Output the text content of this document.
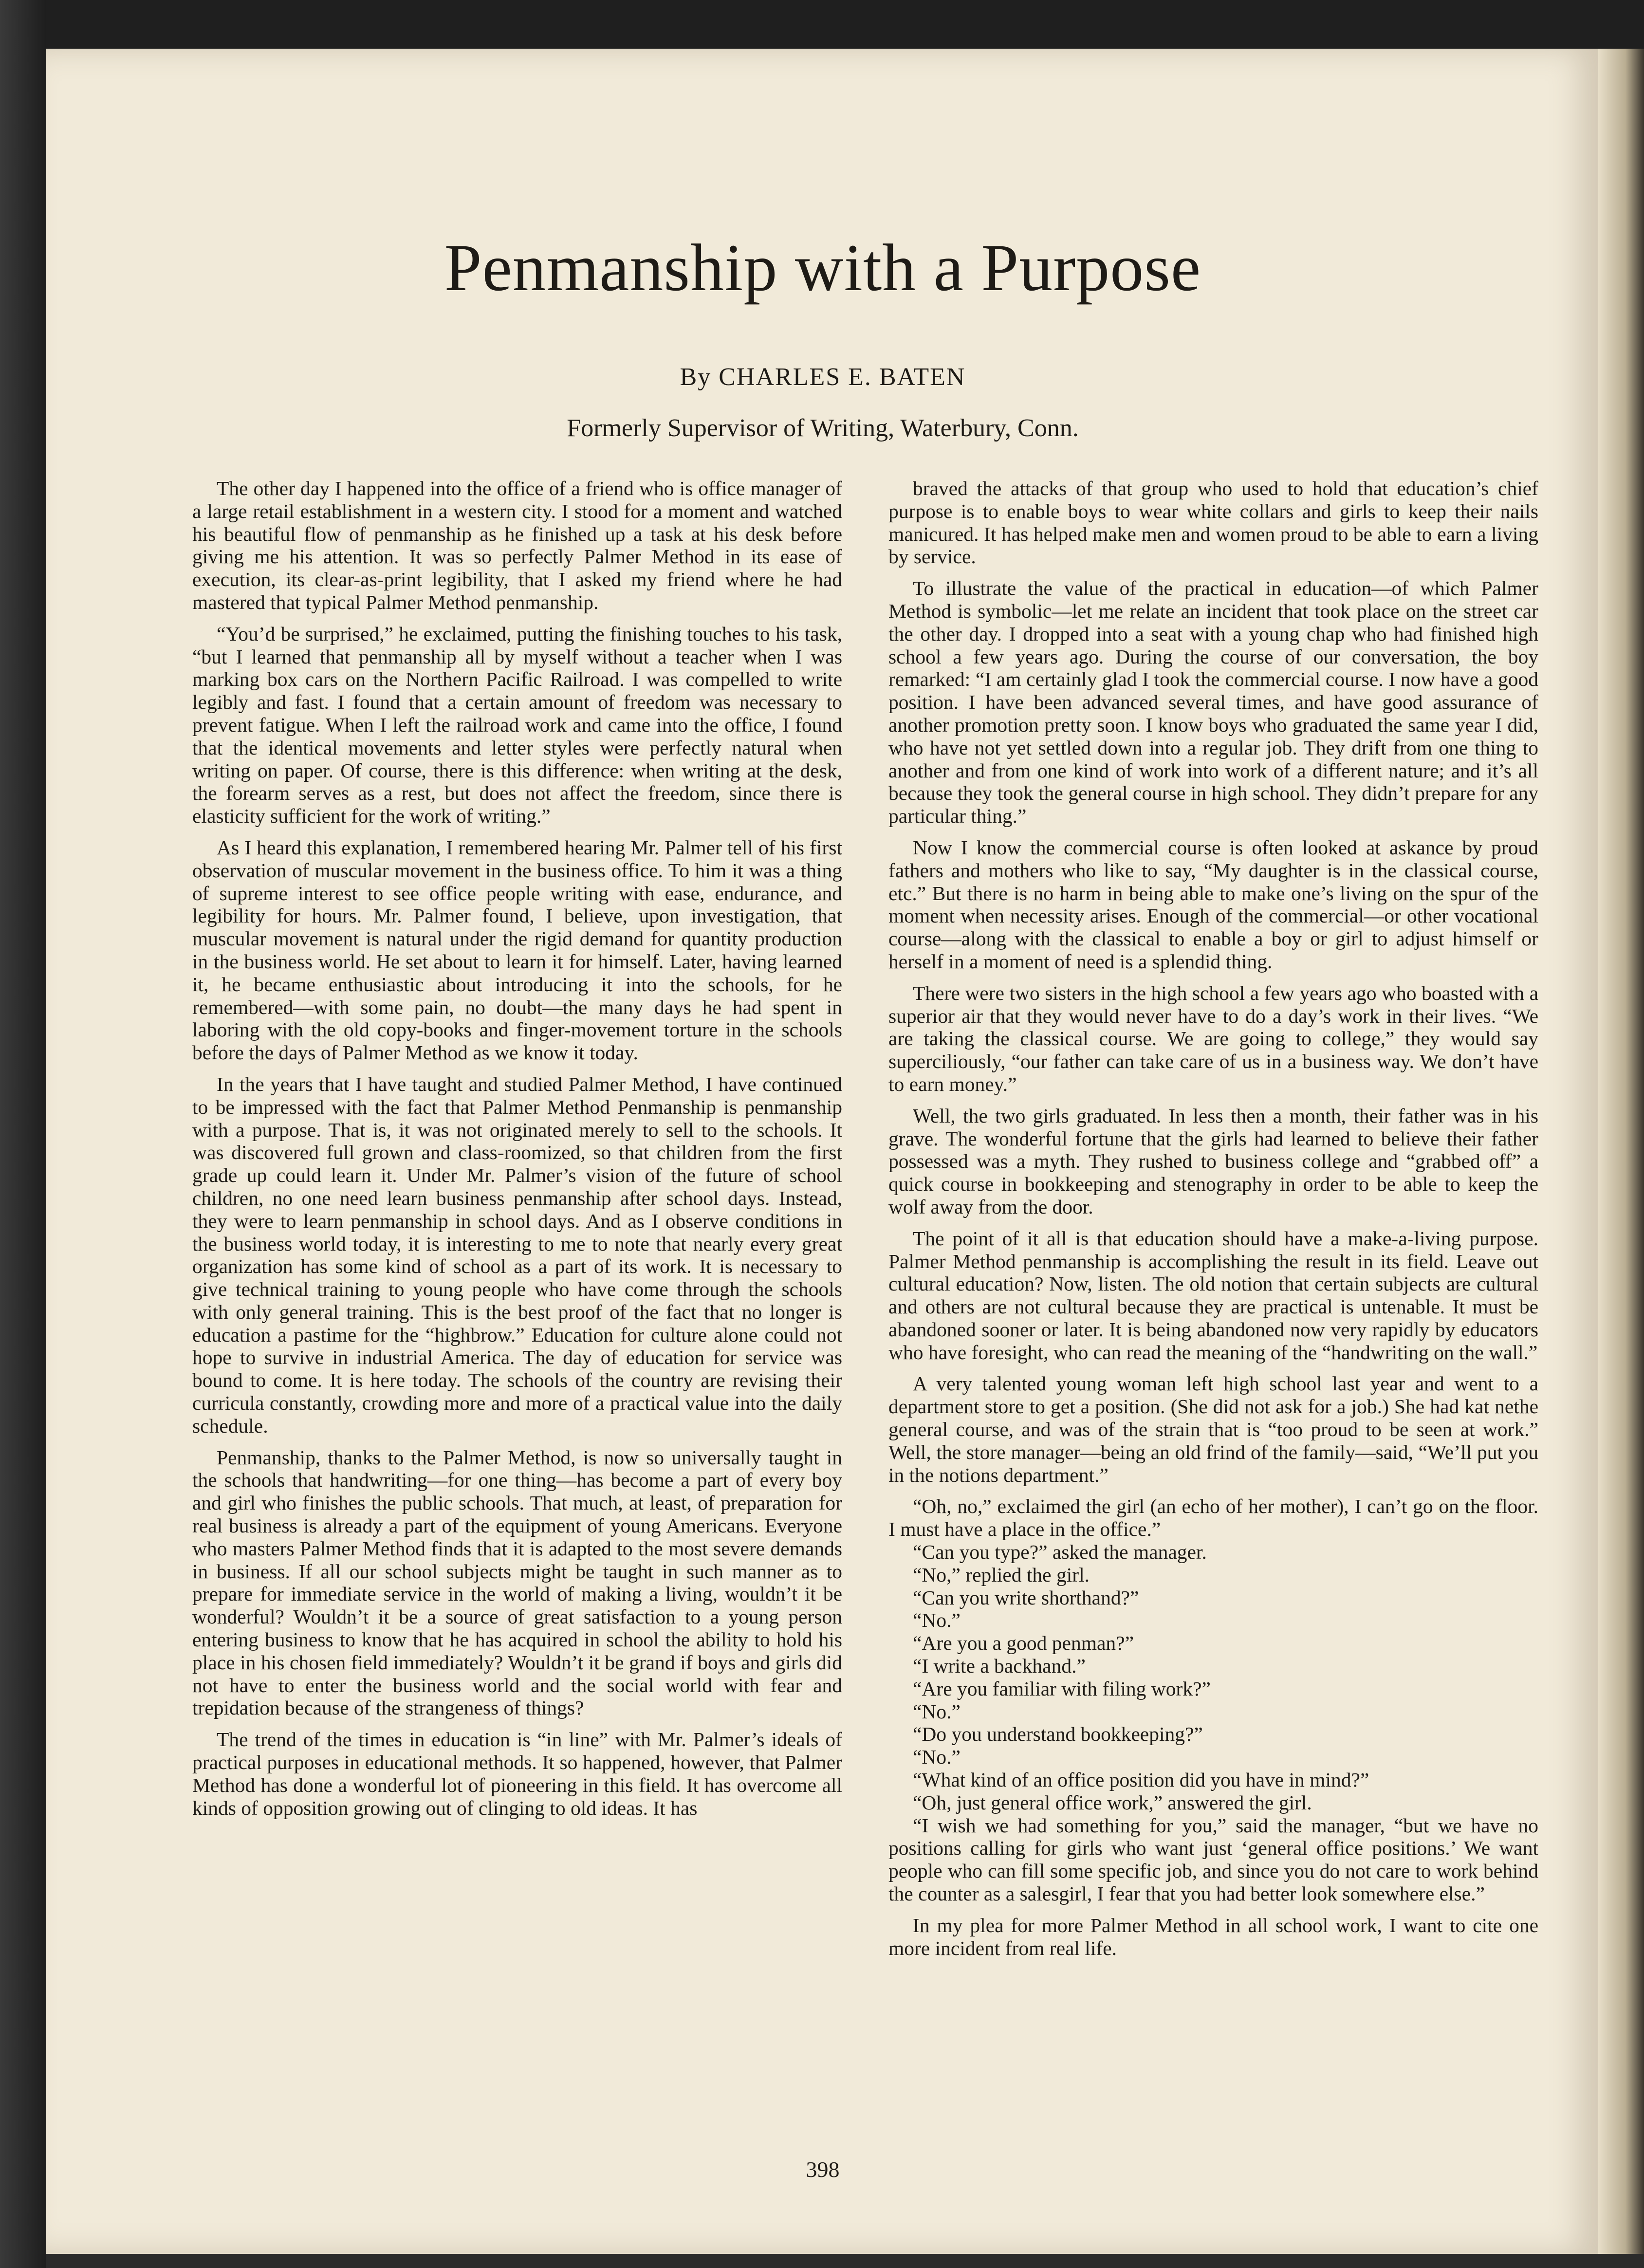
Penmanship with a Purpose
By CHARLES E. BATEN
Formerly Supervisor of Writing, Waterbury, Conn.

The other day I happened into the office of a friend who is office manager of a large retail establishment in a western city. I stood for a moment and watched his beautiful flow of penmanship as he finished up a task at his desk before giving me his attention. It was so perfectly Palmer Method in its ease of execution, its clear-as-print legibility, that I asked my friend where he had mastered that typical Palmer Method penmanship.

“You’d be surprised,” he exclaimed, putting the finishing touches to his task, “but I learned that penmanship all by myself without a teacher when I was marking box cars on the Northern Pacific Railroad. I was compelled to write legibly and fast. I found that a certain amount of freedom was necessary to prevent fatigue. When I left the railroad work and came into the office, I found that the identical movements and letter styles were perfectly natural when writing on paper. Of course, there is this difference: when writing at the desk, the forearm serves as a rest, but does not affect the freedom, since there is elasticity sufficient for the work of writing.”

As I heard this explanation, I remembered hearing Mr. Palmer tell of his first observation of muscular movement in the business office. To him it was a thing of supreme interest to see office people writing with ease, endurance, and legibility for hours. Mr. Palmer found, I believe, upon investigation, that muscular movement is natural under the rigid demand for quantity production in the business world. He set about to learn it for himself. Later, having learned it, he became enthusiastic about introducing it into the schools, for he remembered—with some pain, no doubt—the many days he had spent in laboring with the old copy-books and finger-movement torture in the schools before the days of Palmer Method as we know it today.

In the years that I have taught and studied Palmer Method, I have continued to be impressed with the fact that Palmer Method Penmanship is penmanship with a purpose. That is, it was not originated merely to sell to the schools. It was discovered full grown and class-roomized, so that children from the first grade up could learn it. Under Mr. Palmer’s vision of the future of school children, no one need learn business penmanship after school days. Instead, they were to learn penmanship in school days. And as I observe conditions in the business world today, it is interesting to me to note that nearly every great organization has some kind of school as a part of its work. It is necessary to give technical training to young people who have come through the schools with only general training. This is the best proof of the fact that no longer is education a pastime for the “highbrow.” Education for culture alone could not hope to survive in industrial America. The day of education for service was bound to come. It is here today. The schools of the country are revising their curricula constantly, crowding more and more of a practical value into the daily schedule.

Penmanship, thanks to the Palmer Method, is now so universally taught in the schools that handwriting—for one thing—has become a part of every boy and girl who finishes the public schools. That much, at least, of preparation for real business is already a part of the equipment of young Americans. Everyone who masters Palmer Method finds that it is adapted to the most severe demands in business. If all our school subjects might be taught in such manner as to prepare for immediate service in the world of making a living, wouldn’t it be wonderful? Wouldn’t it be a source of great satisfaction to a young person entering business to know that he has acquired in school the ability to hold his place in his chosen field immediately? Wouldn’t it be grand if boys and girls did not have to enter the business world and the social world with fear and trepidation because of the strangeness of things?

The trend of the times in education is “in line” with Mr. Palmer’s ideals of practical purposes in educational methods. It so happened, however, that Palmer Method has done a wonderful lot of pioneering in this field. It has overcome all kinds of opposition growing out of clinging to old ideas. It has

braved the attacks of that group who used to hold that education’s chief purpose is to enable boys to wear white collars and girls to keep their nails manicured. It has helped make men and women proud to be able to earn a living by service.

To illustrate the value of the practical in education—of which Palmer Method is symbolic—let me relate an incident that took place on the street car the other day. I dropped into a seat with a young chap who had finished high school a few years ago. During the course of our conversation, the boy remarked: “I am certainly glad I took the commercial course. I now have a good position. I have been advanced several times, and have good assurance of another promotion pretty soon. I know boys who graduated the same year I did, who have not yet settled down into a regular job. They drift from one thing to another and from one kind of work into work of a different nature; and it’s all because they took the general course in high school. They didn’t prepare for any particular thing.”

Now I know the commercial course is often looked at askance by proud fathers and mothers who like to say, “My daughter is in the classical course, etc.” But there is no harm in being able to make one’s living on the spur of the moment when necessity arises. Enough of the commercial—or other vocational course—along with the classical to enable a boy or girl to adjust himself or herself in a moment of need is a splendid thing.

There were two sisters in the high school a few years ago who boasted with a superior air that they would never have to do a day’s work in their lives. “We are taking the classical course. We are going to college,” they would say superciliously, “our father can take care of us in a business way. We don’t have to earn money.”

Well, the two girls graduated. In less then a month, their father was in his grave. The wonderful fortune that the girls had learned to believe their father possessed was a myth. They rushed to business college and “grabbed off” a quick course in bookkeeping and stenography in order to be able to keep the wolf away from the door.

The point of it all is that education should have a make-a-living purpose. Palmer Method penmanship is accomplishing the result in its field. Leave out cultural education? Now, listen. The old notion that certain subjects are cultural and others are not cultural because they are practical is untenable. It must be abandoned sooner or later. It is being abandoned now very rapidly by educators who have foresight, who can read the meaning of the “handwriting on the wall.”

A very talented young woman left high school last year and went to a department store to get a position. (She did not ask for a job.) She had kat nethe general course, and was of the strain that is “too proud to be seen at work.” Well, the store manager—being an old frind of the family—said, “We’ll put you in the notions department.”

“Oh, no,” exclaimed the girl (an echo of her mother), I can’t go on the floor. I must have a place in the office.”

“Can you type?” asked the manager.

“No,” replied the girl.

“Can you write shorthand?”

“No.”

“Are you a good penman?”

“I write a backhand.”

“Are you familiar with filing work?”

“No.”

“Do you understand bookkeeping?”

“No.”

“What kind of an office position did you have in mind?”

“Oh, just general office work,” answered the girl.

“I wish we had something for you,” said the manager, “but we have no positions calling for girls who want just ‘general office positions.’ We want people who can fill some specific job, and since you do not care to work behind the counter as a salesgirl, I fear that you had better look somewhere else.”

In my plea for more Palmer Method in all school work, I want to cite one more incident from real life.

398
